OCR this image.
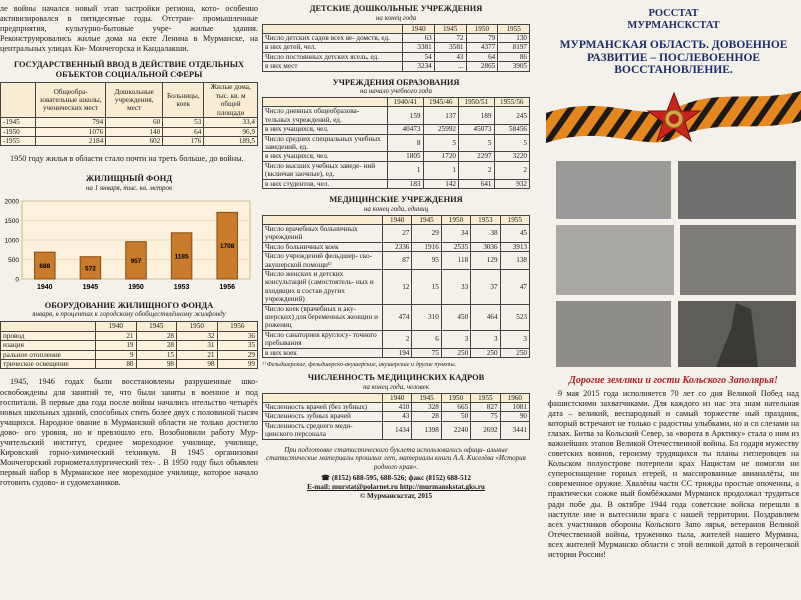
ле войны начался новый этап застройки региона, кото- особенно активизировался в пятидесятые годы. Отстраи- промышленные предприятия, культурно-бытовые учре- жилые здания. Реконструировались жилые дома на екте Ленина в Мурманске, на центральных улицах Ки- Мончегорска и Кандалакши.

ГОСУДАРСТВЕННЫЙ ВВОД В ДЕЙСТВИЕ ОТДЕЛЬНЫХ ОБЪЕКТОВ СОЦИАЛЬНОЙ СФЕРЫ

	Общеобра- зовательные школы, ученических мест	Дошкольные учреждения, мест	Больницы, коек	Жилые дома, тыс. кв. м общей площади
-1945	794	60	53	33,4
-1950	1076	140	64	96,9
-1955	2184	602	176	189,5

1950 году жилья в области стало почти на треть больше, до войны.

ЖИЛИЩНЫЙ ФОНД

на 1 января, тыс. кв. метров

0
500
1000
1500
2000
688
1940
572
1945
957
1950
1185
1953
1708
1956

ОБОРУДОВАНИЕ ЖИЛИЩНОГО ФОНДА

января, в процентах к городскому обобществлённому жилфонду

	1940	1945	1950	1956
провод	21	28	32	36
изация	19	28	31	35
ральное отопление	9	15	21	29
трическое освещение	80	98	98	99

1945, 1946 годах были восстановлены разрушенные шко- освобождены для занятий те, что были заняты в военное и под госпитали. В первые два года после войны начались ительство четырёх новых школьных зданий, способных стить более двух с половиной тысяч учащихся. Народное ование в Мурманской области не только достигло дово- ого уровня, но и превзошло его. Возобновили работу Мур- учительский институт, среднее мореходное училище, училище, Кировский горно-химический техникум. В 1945 организован Мончегорский горнометаллургический тех- . В 1950 году был объявлен первый набор в Мурманское нее мореходное училище, которое начало готовить судово- и судомехаников.

ДЕТСКИЕ ДОШКОЛЬНЫЕ УЧРЕЖДЕНИЯ

на конец года

	1940	1945	1950	1955
Число детских садов всех ве- домств, ед.	63	72	79	130
в них детей, чел.	3381	3581	4377	8197
Число постоянных детских ясель, ед.	54	43	64	86
в них мест	3234	...	2865	3905

УЧРЕЖДЕНИЯ ОБРАЗОВАНИЯ

на начало учебного года

	1940/41	1945/46	1950/51	1955/56
Число дневных общеобразова- тельных учреждений, ед.	159	137	189	245
в них учащихся, чел.	40473	25992	45073	58456
Число средних специальных учебных заведений, ед.	8	5	5	5
в них учащихся, чел.	1805	1720	2297	3220
Число высших учебных заведе- ний (включая заочные), ед.	1	1	2	2
в них студентов, чел.	183	142	641	932

МЕДИЦИНСКИЕ УЧРЕЖДЕНИЯ

на конец года, единиц

	1940	1945	1950	1953	1955
Число врачебных больничных учреждений	27	29	34	38	45
Число больничных коек	2336	1916	2535	3036	3913
Число учреждений фельдшер- ско-акушерской помощи¹⁾	87	95	118	129	138
Число женских и детских консультаций (самостоятель- ных и входящих в состав других учреждений)	12	15	33	37	47
Число коек (врачебных и аку- шерских) для беременных женщин и рожениц	474	310	450	464	523
Число санаториев круглосу- точного пребывания	2	6	3	3	3
в них коек	194	75	250	250	250

¹⁾ Фельдшерские, фельдшерско-акушерские, акушерские и другие пункты.

ЧИСЛЕННОСТЬ МЕДИЦИНСКИХ КАДРОВ

на конец года, человек

	1940	1945	1950	1955	1960
Численность врачей (без зубных)	410	328	665	827	1081
Численность зубных врачей	43	28	50	75	90
Численность среднего меди- цинского персонала	1434	1398	2240	2692	3441

При подготовке статистического буклета использовались офици- альные статистические материалы прошлых лет, материалы книги А.А. Киселёва «История родного края».

☎ (8152) 688-595, 688-526; факс (8152) 688-512

E-mail: murstat@polarnet.ru http://murmanskstat.gks.ru

© Мурманскстат, 2015

РОССТАТ

МУРМАНСКСТАТ

МУРМАНСКАЯ ОБЛАСТЬ. ДОВОЕННОЕ РАЗВИТИЕ – ПОСЛЕВОЕННОЕ ВОССТАНОВЛЕНИЕ.

Дорогие земляки и гости Кольского Заполярья!

9 мая 2015 года исполняется 70 лет со дня Великой Побед над фашистскими захватчиками. Для каждого из нас эта знам нательная дата – великий, веспародный и самый торжестве ный праздник, который встречают не только с радостны улыбками, но и со слезами на глазах. Битва за Кольский Север, за «ворота в Арктику» стала о ним из важнейших этапов Великой Отечественной войны. Бл годаря мужеству советских воинов, героизму трудящихся ты планы гитлеровцев на Кольском полуострове потерпели крах Нацистам не помогли ни супероснащение горных егерей, н массированные авианалёты, ни современное оружие. Хвалёны части СС трижды простые опоченны, а практически сожже ный бомбёжками Мурманск продолжал трудиться ради побе ды. В октябре 1944 года советские войска перешли в наступле ние и вытеснили врага с нашей территории. Поздравляем всех участников обороны Кольского Запо лярья, ветеранов Великой Отечественной войны, труженико тыла, жителей нашего Мурмана, всех жителей Мурманско области с этой великой датой в героической истории России!
